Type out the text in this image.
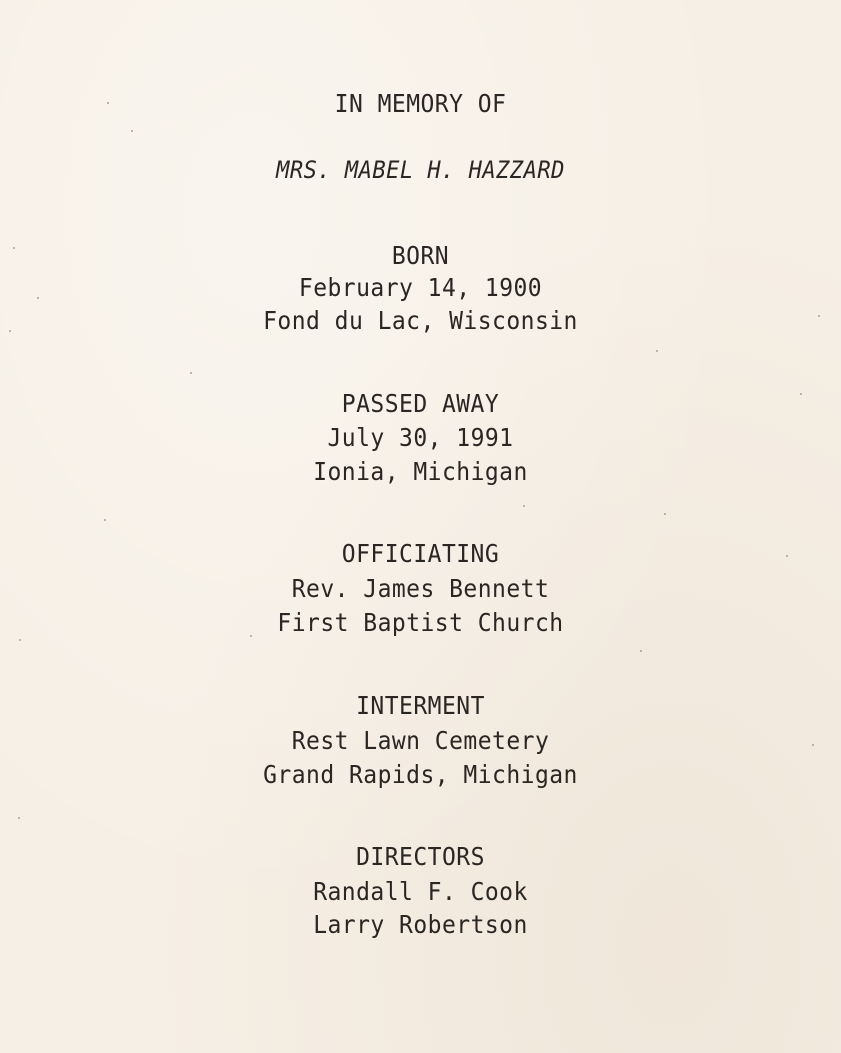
IN MEMORY OF
MRS. MABEL H. HAZZARD
BORN
February 14, 1900
Fond du Lac, Wisconsin
PASSED AWAY
July 30, 1991
Ionia, Michigan
OFFICIATING
Rev. James Bennett
First Baptist Church
INTERMENT
Rest Lawn Cemetery
Grand Rapids, Michigan
DIRECTORS
Randall F. Cook
Larry Robertson
